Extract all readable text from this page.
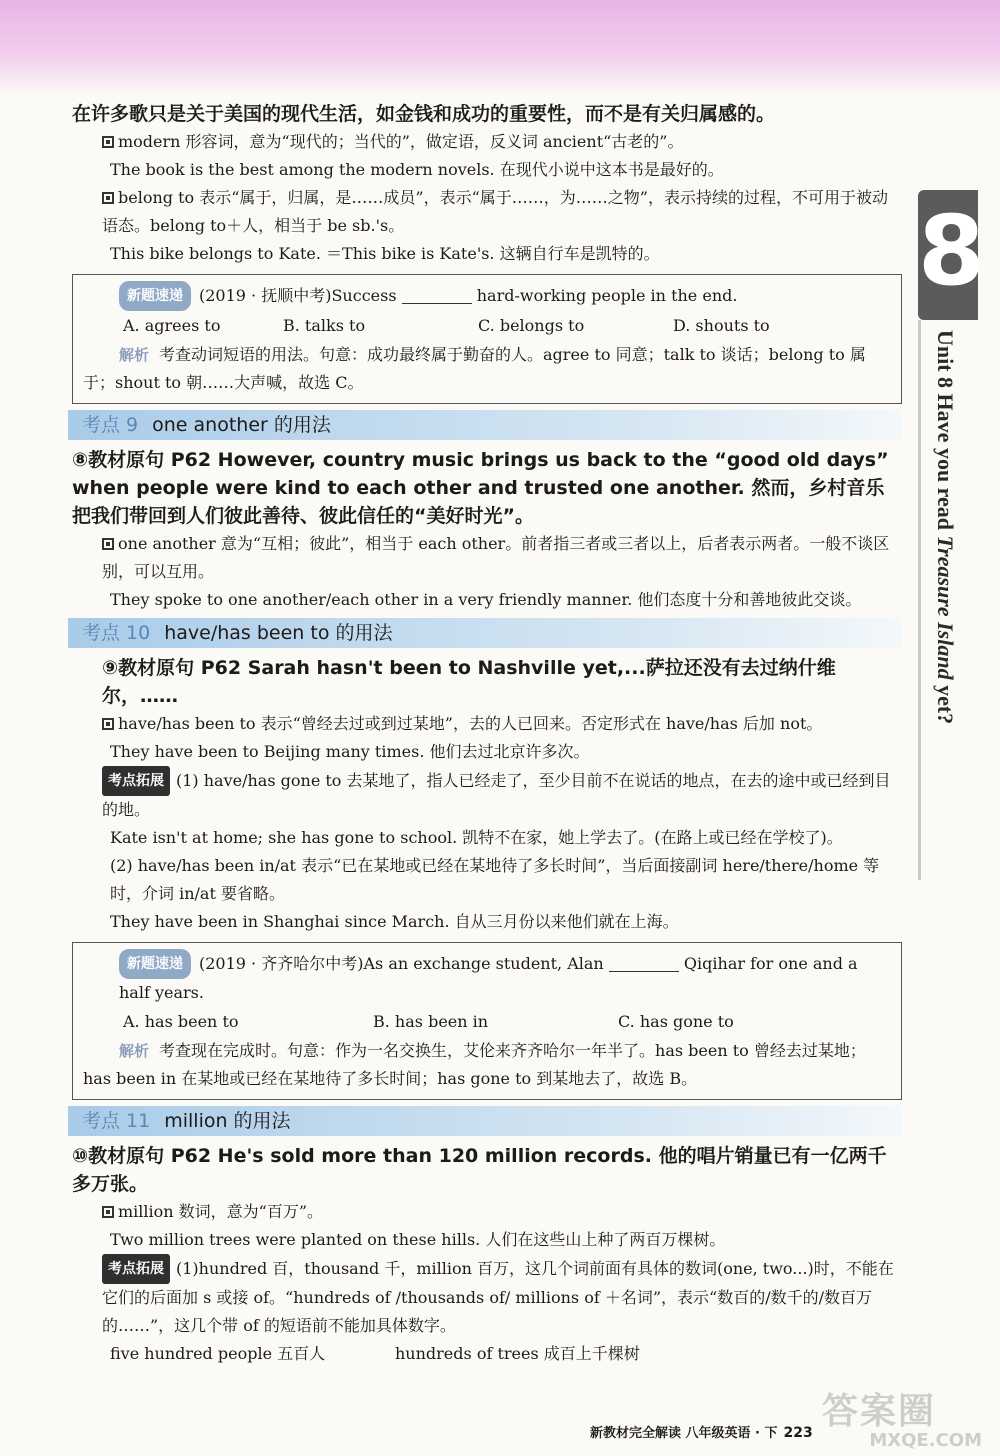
8
Unit 8 Have you read Treasure Island yet?

在许多歌只是关于美国的现代生活，如金钱和成功的重要性，而不是有关归属感的。

modern 形容词，意为“现代的；当代的”，做定语，反义词 ancient“古老的”。

The book is the best among the modern novels. 在现代小说中这本书是最好的。

belong to 表示“属于，归属，是……成员”，表示“属于……，为……之物”，表示持续的过程，不可用于被动语态。belong to＋人，相当于 be sb.'s。

This bike belongs to Kate. ＝This bike is Kate's. 这辆自行车是凯特的。

新题速递 (2019 · 抚顺中考)Success	hard-working people in the end.

A. agrees to	B. talks to	C. belongs to	D. shouts to

解析 考查动词短语的用法。句意：成功最终属于勤奋的人。agree to 同意；talk to 谈话；belong to 属于；shout to 朝……大声喊，故选 C。

考点 9 one another 的用法

⑧教材原句 P62 However, country music brings us back to the “good old days” when people were kind to each other and trusted one another. 然而，乡村音乐把我们带回到人们彼此善待、彼此信任的“美好时光”。

one another 意为“互相；彼此”，相当于 each other。前者指三者或三者以上，后者表示两者。一般不谈区别，可以互用。

They spoke to one another/each other in a very friendly manner. 他们态度十分和善地彼此交谈。

考点 10 have/has been to 的用法

⑨教材原句 P62 Sarah hasn't been to Nashville yet,...萨拉还没有去过纳什维尔，……

have/has been to 表示“曾经去过或到过某地”，去的人已回来。否定形式在 have/has 后加 not。

They have been to Beijing many times. 他们去过北京许多次。

考点拓展 (1) have/has gone to 去某地了，指人已经走了，至少目前不在说话的地点，在去的途中或已经到目的地。

Kate isn't at home; she has gone to school. 凯特不在家，她上学去了。(在路上或已经在学校了)。

(2) have/has been in/at 表示“已在某地或已经在某地待了多长时间”，当后面接副词 here/there/home 等时，介词 in/at 要省略。

They have been in Shanghai since March. 自从三月份以来他们就在上海。

新题速递 (2019 · 齐齐哈尔中考)As an exchange student, Alan	Qiqihar for one and a half years.

A. has been to	B. has been in	C. has gone to

解析 考查现在完成时。句意：作为一名交换生，艾伦来齐齐哈尔一年半了。has been to 曾经去过某地；has been in 在某地或已经在某地待了多长时间；has gone to 到某地去了，故选 B。

考点 11 million 的用法

⑩教材原句 P62 He's sold more than 120 million records. 他的唱片销量已有一亿两千多万张。

million 数词，意为“百万”。

Two million trees were planted on these hills. 人们在这些山上种了两百万棵树。

考点拓展 (1)hundred 百，thousand 千，million 百万，这几个词前面有具体的数词(one, two...)时，不能在它们的后面加 s 或接 of。“hundreds of /thousands of/ millions of ＋名词”，表示“数百的/数千的/数百万的……”，这几个带 of 的短语前不能加具体数字。

five hundred people 五百人	hundreds of trees 成百上千棵树

新教材完全解读 八年级英语 · 下 223
答案圈
MXQE.COM
